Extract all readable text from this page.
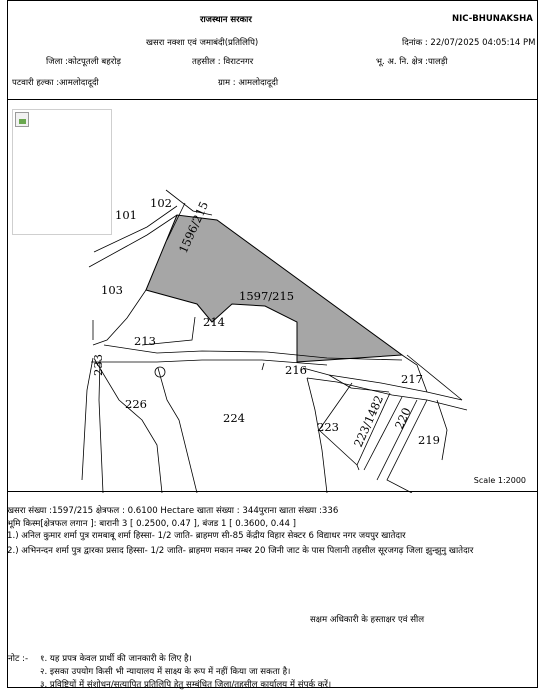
राजस्थान सरकार	NIC-BHUNAKSHA
खसरा नक्शा एवं जमाबंदी(प्रतिलिपि)	दिनांक : 22/07/2025 04:05:14 PM
जिला :कोटपूतली बहरोड़	तहसील : विराटनगर	भू. अ. नि. क्षेत्र :पालड़ी
पटवारी हल्का :आमलोदादूदी	ग्राम : आमलोदादूदी
101
102 1596/215
103	1597/215
214
213
233	216
217
226
224
223 223/1482 220
219
Scale 1:2000
खसरा संख्या :1597/215 क्षेत्रफल : 0.6100 Hectare खाता संख्या : 344पुराना खाता संख्या :336
भूमि किस्म[क्षेत्रफल लगान ]: बारानी 3 [ 0.2500, 0.47 ], बंजड 1 [ 0.3600, 0.44 ]
1.) अनिल कुमार शर्मा पुत्र रामबाबू शर्मा हिस्सा- 1/2 जाति- ब्राहमण सी-85 केंद्रीय विहार सेक्टर 6 विद्याधर नगर जयपुर खातेदार
2.) अभिनन्दन शर्मा पुत्र द्वारका प्रसाद हिस्सा- 1/2 जाति- ब्राहमण मकान नम्बर 20 जिनी जाट के पास पिलानी तहसील सूरजगढ़ जिला झुन्झुनु खातेदार
सक्षम अधिकारी के हस्ताक्षर एवं सील
नोट :- १. यह प्रपत्र केवल प्रार्थी की जानकारी के लिए है।
२. इसका उपयोग किसी भी न्यायालय में साक्ष्य के रूप में नहीं किया जा सकता है।
३. प्रविष्टियों में संशोधन/सत्यापित प्रतिलिपि हेतु सम्बंधित जिला/तहसील कार्यालय में संपर्क करें।
